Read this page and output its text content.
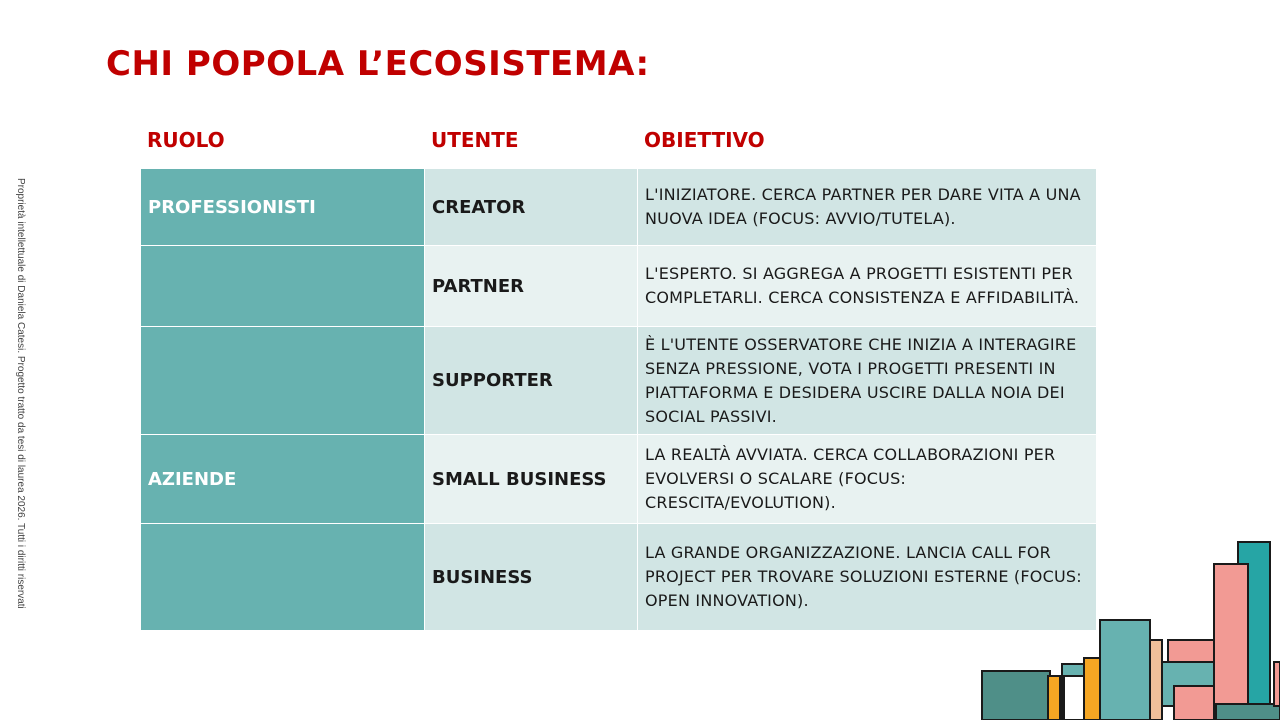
CHI POPOLA L’ECOSISTEMA:
Proprietà intellettuale di Daniela Catesi. Progetto tratto da tesi di laurea 2026. Tutti i diritti riservati
RUOLO	UTENTE	OBIETTIVO
PROFESSIONISTI	CREATOR	L'INIZIATORE. CERCA PARTNER PER DARE VITA A UNA NUOVA IDEA (FOCUS: AVVIO/TUTELA).
	PARTNER	L'ESPERTO. SI AGGREGA A PROGETTI ESISTENTI PER COMPLETARLI. CERCA CONSISTENZA E AFFIDABILITÀ.
	SUPPORTER	È L'UTENTE OSSERVATORE CHE INIZIA A INTERAGIRE SENZA PRESSIONE, VOTA I PROGETTI PRESENTI IN PIATTAFORMA E DESIDERA USCIRE DALLA NOIA DEI SOCIAL PASSIVI.
AZIENDE	SMALL BUSINESS	LA REALTÀ AVVIATA. CERCA COLLABORAZIONI PER EVOLVERSI O SCALARE (FOCUS: CRESCITA/EVOLUTION).
	BUSINESS	LA GRANDE ORGANIZZAZIONE. LANCIA CALL FOR PROJECT PER TROVARE SOLUZIONI ESTERNE (FOCUS: OPEN INNOVATION).
